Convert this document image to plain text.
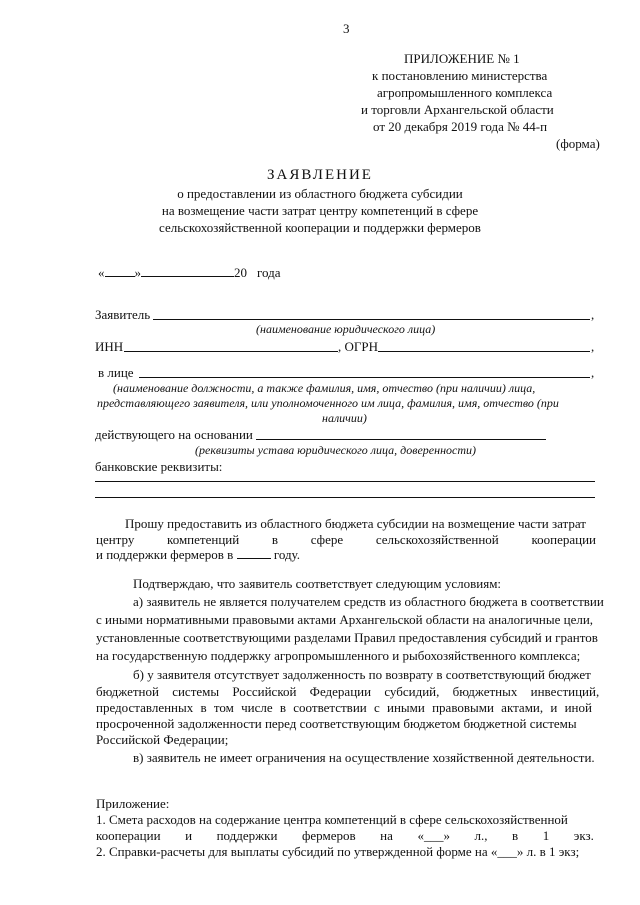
3
ПРИЛОЖЕНИЕ № 1
к постановлению министерства
агропромышленного комплекса
и торговли Архангельской области
от 20 декабря 2019 года № 44-п
(форма)
ЗАЯВЛЕНИЕ
о предоставлении из областного бюджета субсидии
на возмещение части затрат центру компетенций в сфере
сельскохозяйственной кооперации и поддержки фермеров
« »	20 года
Заявитель	,
(наименование юридического лица)
ИНН	, ОГРН	,
в лице	,
(наименование должности, а также фамилия, имя, отчество (при наличии) лица,
представляющего заявителя, или уполномоченного им лица, фамилия, имя, отчество (при
наличии)
действующего на основании
(реквизиты устава юридического лица, доверенности)
банковские реквизиты:
Прошу предоставить из областного бюджета субсидии на возмещение части затрат
центру	компетенций	в	сфере	сельскохозяйственной	кооперации
и поддержки фермеров в	году.
Подтверждаю, что заявитель соответствует следующим условиям:
а) заявитель не является получателем средств из областного бюджета в соответствии
с иными нормативными правовыми актами Архангельской области на аналогичные цели,
установленные соответствующими разделами Правил предоставления субсидий и грантов
на государственную поддержку агропромышленного и рыбохозяйственного комплекса;
б) у заявителя отсутствует задолженность по возврату в соответствующий бюджет
бюджетной системы Российской Федерации субсидий, бюджетных инвестиций,
предоставленных в том числе в соответствии с иными правовыми актами, и иной
просроченной задолженности перед соответствующим бюджетом бюджетной системы
Российской Федерации;
в) заявитель не имеет ограничения на осуществление хозяйственной деятельности.
Приложение:
1. Смета расходов на содержание центра компетенций в сфере сельскохозяйственной
кооперации и поддержки фермеров на «___» л., в 1 экз.
2. Справки-расчеты для выплаты субсидий по утвержденной форме на «___» л. в 1 экз;
